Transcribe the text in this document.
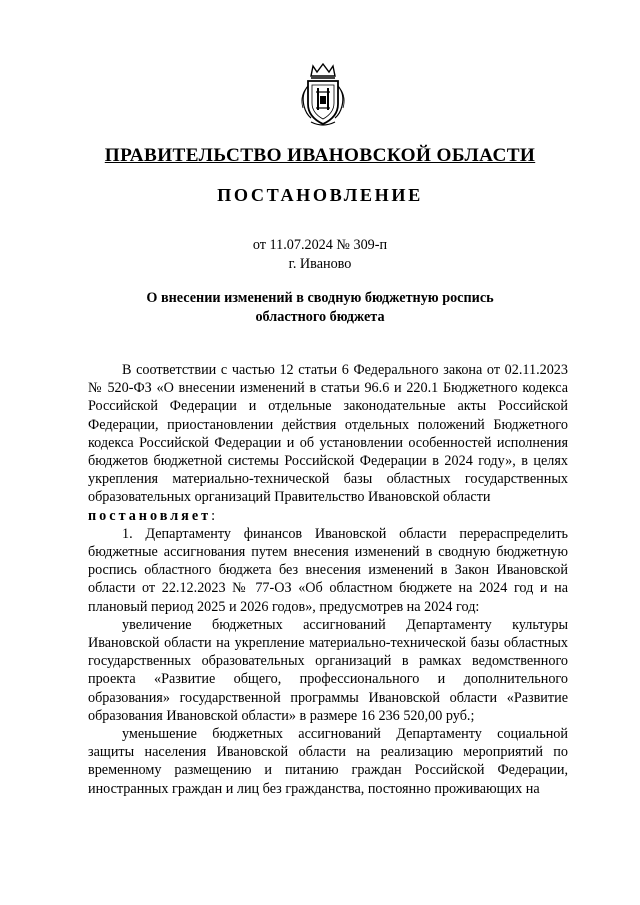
ПРАВИТЕЛЬСТВО ИВАНОВСКОЙ ОБЛАСТИ
ПОСТАНОВЛЕНИЕ
от 11.07.2024 № 309-п
г. Иваново
О внесении изменений в сводную бюджетную роспись
областного бюджета

В соответствии с частью 12 статьи 6 Федерального закона от 02.11.2023 № 520-ФЗ «О внесении изменений в статьи 96.6 и 220.1 Бюджетного кодекса Российской Федерации и отдельные законодательные акты Российской Федерации, приостановлении действия отдельных положений Бюджетного кодекса Российской Федерации и об установлении особенностей исполнения бюджетов бюджетной системы Российской Федерации в 2024 году», в целях укрепления материально-технической базы областных государственных образовательных организаций Правительство Ивановской области

постановляет:

1. Департаменту финансов Ивановской области перераспределить бюджетные ассигнования путем внесения изменений в сводную бюджетную роспись областного бюджета без внесения изменений в Закон Ивановской области от 22.12.2023 № 77-ОЗ «Об областном бюджете на 2024 год и на плановый период 2025 и 2026 годов», предусмотрев на 2024 год:

увеличение бюджетных ассигнований Департаменту культуры Ивановской области на укрепление материально-технической базы областных государственных образовательных организаций в рамках ведомственного проекта «Развитие общего, профессионального и дополнительного образования» государственной программы Ивановской области «Развитие образования Ивановской области» в размере 16 236 520,00 руб.;

уменьшение бюджетных ассигнований Департаменту социальной защиты населения Ивановской области на реализацию мероприятий по временному размещению и питанию граждан Российской Федерации, иностранных граждан и лиц без гражданства, постоянно проживающих на
